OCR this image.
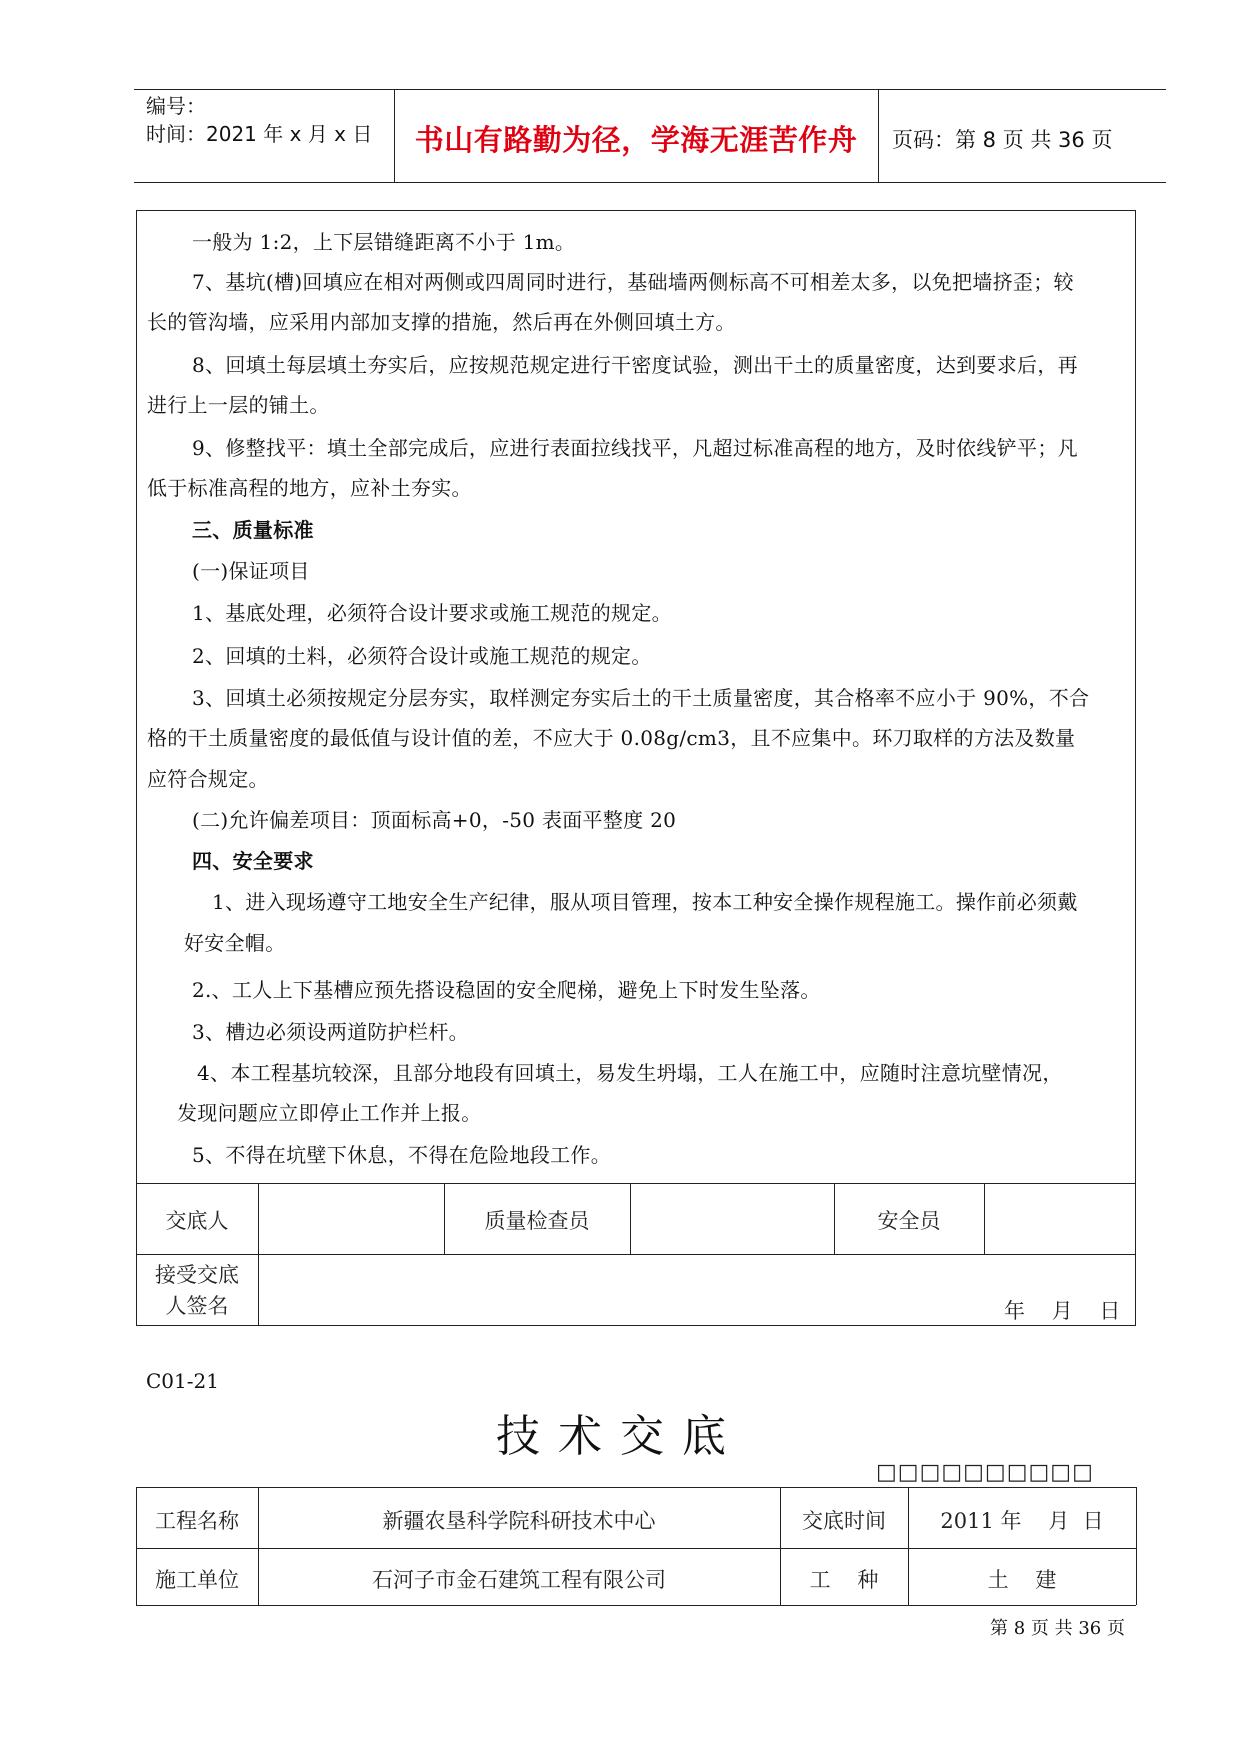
编号：
时间：2021 年 x 月 x 日	书山有路勤为径，学海无涯苦作舟	页码：第 8 页 共 36 页
一般为 1:2，上下层错缝距离不小于 1m。
7、基坑(槽)回填应在相对两侧或四周同时进行，基础墙两侧标高不可相差太多，以免把墙挤歪；较
长的管沟墙，应采用内部加支撑的措施，然后再在外侧回填土方。
8、回填土每层填土夯实后，应按规范规定进行干密度试验，测出干土的质量密度，达到要求后，再
进行上一层的铺土。
9、修整找平：填土全部完成后，应进行表面拉线找平，凡超过标准高程的地方，及时依线铲平；凡
低于标准高程的地方，应补土夯实。
三、质量标准
(一)保证项目
1、基底处理，必须符合设计要求或施工规范的规定。
2、回填的土料，必须符合设计或施工规范的规定。
3、回填土必须按规定分层夯实，取样测定夯实后土的干土质量密度，其合格率不应小于 90%，不合
格的干土质量密度的最低值与设计值的差，不应大于 0.08g/cm3，且不应集中。环刀取样的方法及数量
应符合规定。
(二)允许偏差项目：顶面标高+0，-50 表面平整度 20
四、安全要求
1、进入现场遵守工地安全生产纪律，服从项目管理，按本工种安全操作规程施工。操作前必须戴
好安全帽。
2.、工人上下基槽应预先搭设稳固的安全爬梯，避免上下时发生坠落。
3、槽边必须设两道防护栏杆。
4、本工程基坑较深，且部分地段有回填土，易发生坍塌，工人在施工中，应随时注意坑壁情况，
发现问题应立即停止工作并上报。
5、不得在坑壁下休息，不得在危险地段工作。
交底人	质量检查员	安全员
接受交底
人签名	年    月    日
C01-21
技术交底
□□□□□□□□□□
工程名称	新疆农垦科学院科研技术中心	交底时间	2011 年    月  日
施工单位	石河子市金石建筑工程有限公司	工    种	土    建
第 8 页 共 36 页
